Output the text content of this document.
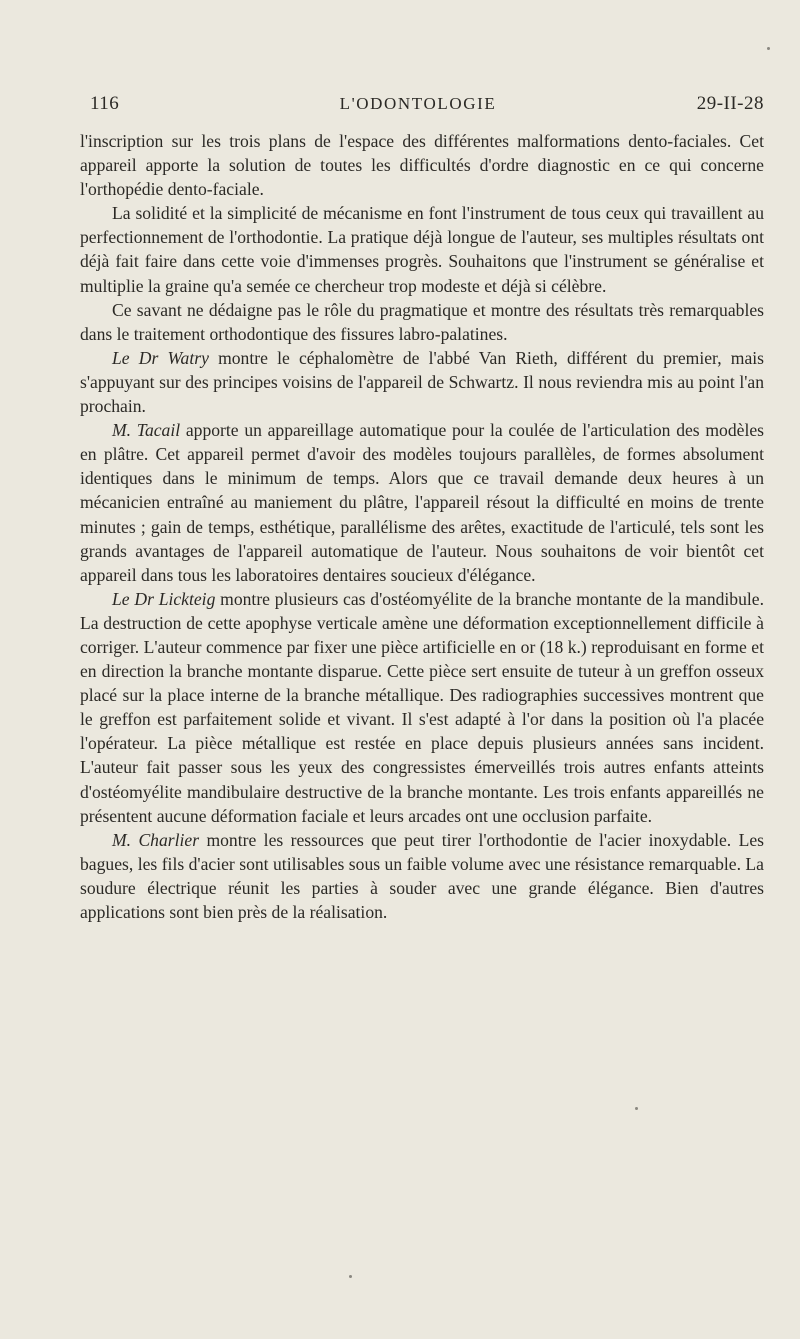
116	L'ODONTOLOGIE	29-II-28

l'inscription sur les trois plans de l'espace des différentes malformations dento-faciales. Cet appareil apporte la solution de toutes les difficultés d'ordre diagnostic en ce qui concerne l'orthopédie dento-faciale.

La solidité et la simplicité de mécanisme en font l'instrument de tous ceux qui travaillent au perfectionnement de l'orthodontie. La pratique déjà longue de l'auteur, ses multiples résultats ont déjà fait faire dans cette voie d'immenses progrès. Souhaitons que l'instrument se généralise et multiplie la graine qu'a semée ce chercheur trop modeste et déjà si célèbre.

Ce savant ne dédaigne pas le rôle du pragmatique et montre des résultats très remarquables dans le traitement orthodontique des fissures labro-palatines.

Le Dr Watry montre le céphalomètre de l'abbé Van Rieth, différent du premier, mais s'appuyant sur des principes voisins de l'appareil de Schwartz. Il nous reviendra mis au point l'an prochain.

M. Tacail apporte un appareillage automatique pour la coulée de l'articulation des modèles en plâtre. Cet appareil permet d'avoir des modèles toujours parallèles, de formes absolument identiques dans le minimum de temps. Alors que ce travail demande deux heures à un mécanicien entraîné au maniement du plâtre, l'appareil résout la difficulté en moins de trente minutes ; gain de temps, esthétique, parallélisme des arêtes, exactitude de l'articulé, tels sont les grands avantages de l'appareil automatique de l'auteur. Nous souhaitons de voir bientôt cet appareil dans tous les laboratoires dentaires soucieux d'élégance.

Le Dr Lickteig montre plusieurs cas d'ostéomyélite de la branche montante de la mandibule. La destruction de cette apophyse verticale amène une déformation exceptionnellement difficile à corriger. L'auteur commence par fixer une pièce artificielle en or (18 k.) reproduisant en forme et en direction la branche montante disparue. Cette pièce sert ensuite de tuteur à un greffon osseux placé sur la place interne de la branche métallique. Des radiographies successives montrent que le greffon est parfaitement solide et vivant. Il s'est adapté à l'or dans la position où l'a placée l'opérateur. La pièce métallique est restée en place depuis plusieurs années sans incident. L'auteur fait passer sous les yeux des congressistes émerveillés trois autres enfants atteints d'ostéomyélite mandibulaire destructive de la branche montante. Les trois enfants appareillés ne présentent aucune déformation faciale et leurs arcades ont une occlusion parfaite.

M. Charlier montre les ressources que peut tirer l'orthodontie de l'acier inoxydable. Les bagues, les fils d'acier sont utilisables sous un faible volume avec une résistance remarquable. La soudure électrique réunit les parties à souder avec une grande élégance. Bien d'autres applications sont bien près de la réalisation.
